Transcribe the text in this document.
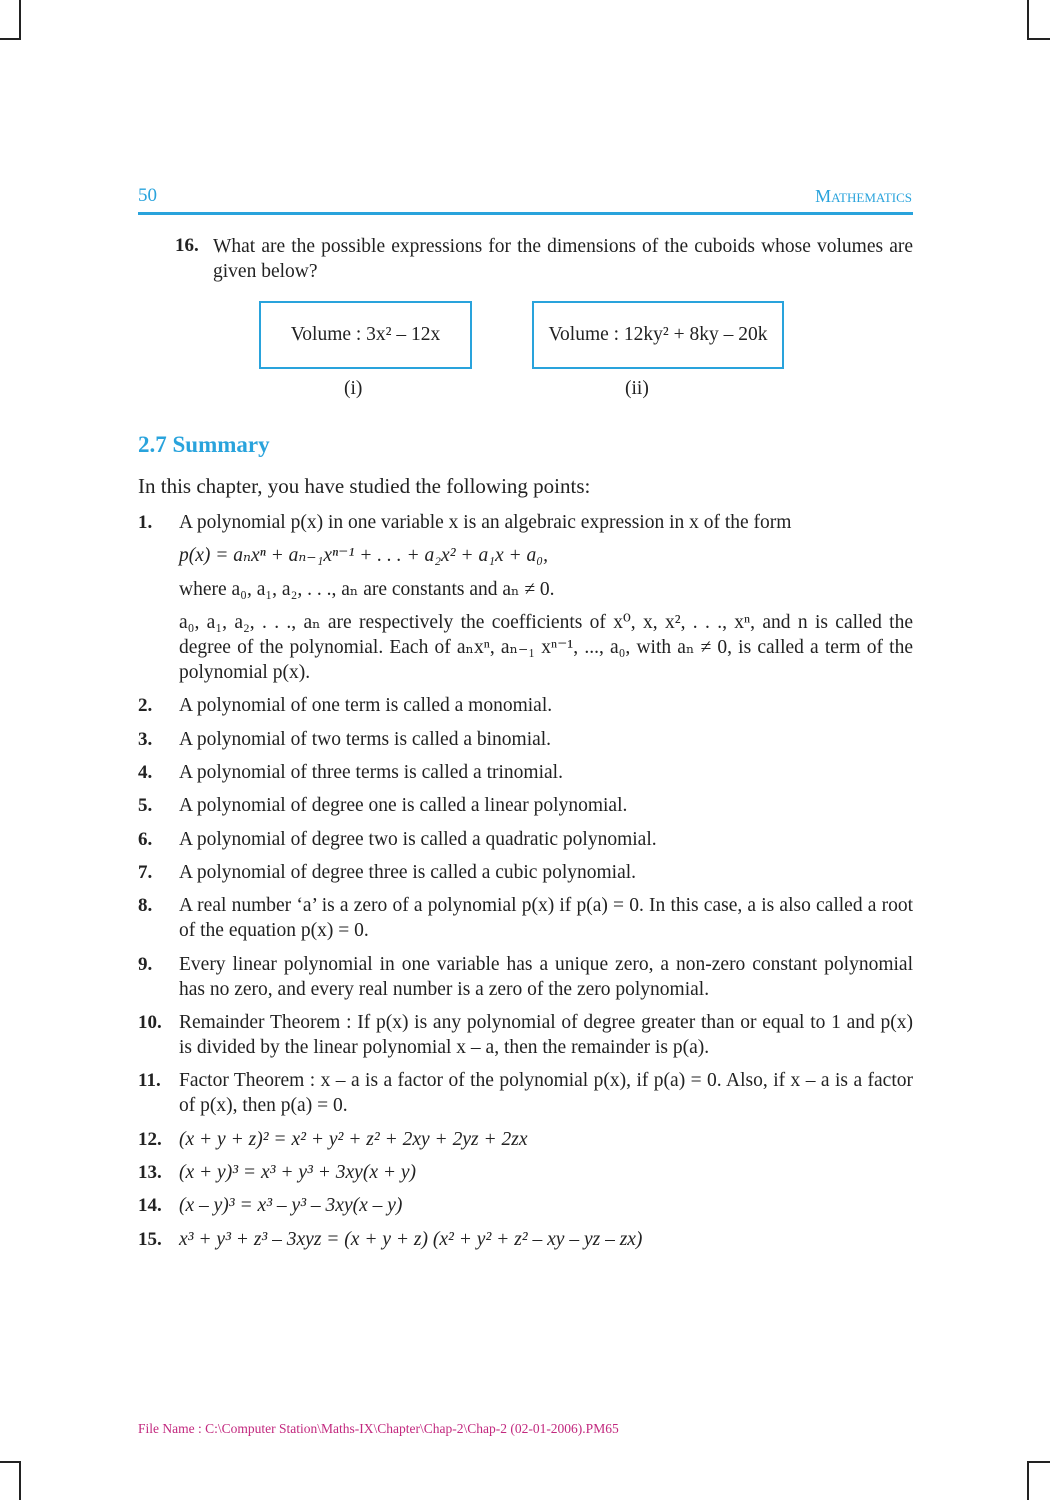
50	Mathematics
16. What are the possible expressions for the dimensions of the cuboids whose volumes are given below?
Volume : 3x² – 12x	Volume : 12ky² + 8ky – 20k
(i)	(ii)
2.7 Summary
In this chapter, you have studied the following points:
1. A polynomial p(x) in one variable x is an algebraic expression in x of the form
p(x) = aₙxⁿ + aₙ₋₁xⁿ⁻¹ + . . . + a₂x² + a₁x + a₀,
where a₀, a₁, a₂, . . ., aₙ are constants and aₙ ≠ 0.
a₀, a₁, a₂, . . ., aₙ are respectively the coefficients of x⁰, x, x², . . ., xⁿ, and n is called the degree of the polynomial. Each of aₙxⁿ, aₙ₋₁ xⁿ⁻¹, ..., a₀, with aₙ ≠ 0, is called a term of the polynomial p(x).
2. A polynomial of one term is called a monomial.
3. A polynomial of two terms is called a binomial.
4. A polynomial of three terms is called a trinomial.
5. A polynomial of degree one is called a linear polynomial.
6. A polynomial of degree two is called a quadratic polynomial.
7. A polynomial of degree three is called a cubic polynomial.
8. A real number ‘a’ is a zero of a polynomial p(x) if p(a) = 0. In this case, a is also called a root of the equation p(x) = 0.
9. Every linear polynomial in one variable has a unique zero, a non-zero constant polynomial has no zero, and every real number is a zero of the zero polynomial.
10. Remainder Theorem : If p(x) is any polynomial of degree greater than or equal to 1 and p(x) is divided by the linear polynomial x – a, then the remainder is p(a).
11. Factor Theorem : x – a is a factor of the polynomial p(x), if p(a) = 0. Also, if x – a is a factor of p(x), then p(a) = 0.
12. (x + y + z)² = x² + y² + z² + 2xy + 2yz + 2zx
13. (x + y)³ = x³ + y³ + 3xy(x + y)
14. (x – y)³ = x³ – y³ – 3xy(x – y)
15. x³ + y³ + z³ – 3xyz = (x + y + z) (x² + y² + z² – xy – yz – zx)
File Name : C:\Computer Station\Maths-IX\Chapter\Chap-2\Chap-2 (02-01-2006).PM65
